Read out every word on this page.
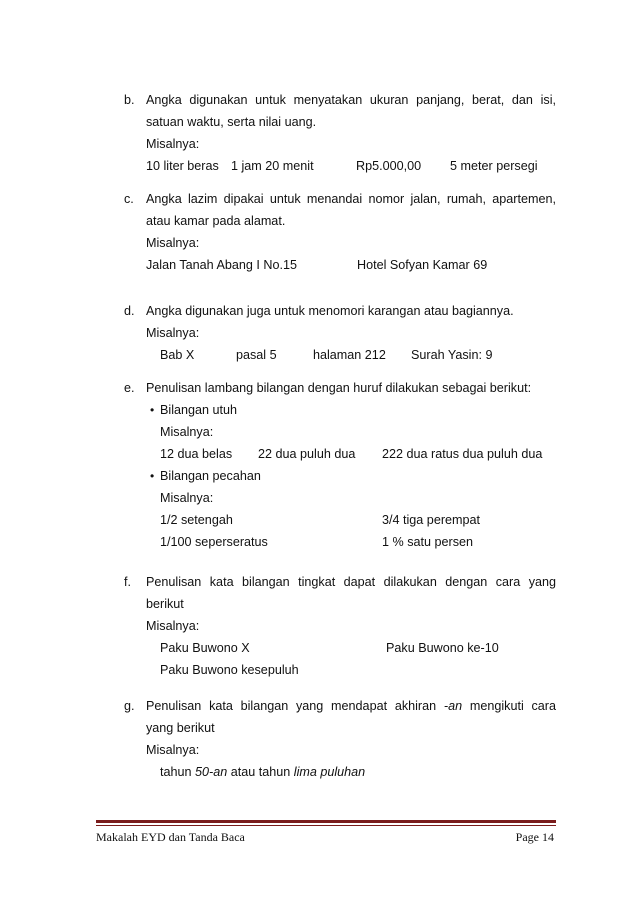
b. Angka digunakan untuk menyatakan ukuran panjang, berat, dan isi,
satuan waktu, serta nilai uang.
Misalnya:
10 liter beras 1 jam 20 menit	Rp5.000,00 5 meter persegi
c. Angka lazim dipakai untuk menandai nomor jalan, rumah, apartemen,
atau kamar pada alamat.
Misalnya:
Jalan Tanah Abang I No.15	Hotel Sofyan Kamar 69
d. Angka digunakan juga untuk menomori karangan atau bagiannya.
Misalnya:
Bab X	pasal 5	halaman 212 Surah Yasin: 9
e. Penulisan lambang bilangan dengan huruf dilakukan sebagai berikut:
• Bilangan utuh
Misalnya:
12 dua belas 22 dua puluh dua 222 dua ratus dua puluh dua
• Bilangan pecahan
Misalnya:
1/2 setengah	3/4 tiga perempat
1/100 seperseratus	1 % satu persen
f. Penulisan kata bilangan tingkat dapat dilakukan dengan cara yang
berikut
Misalnya:
Paku Buwono X	Paku Buwono ke-10
Paku Buwono kesepuluh
g. Penulisan kata bilangan yang mendapat akhiran -an mengikuti cara
yang berikut
Misalnya:
tahun 50-an atau tahun lima puluhan
Makalah EYD dan Tanda Baca	Page 14
